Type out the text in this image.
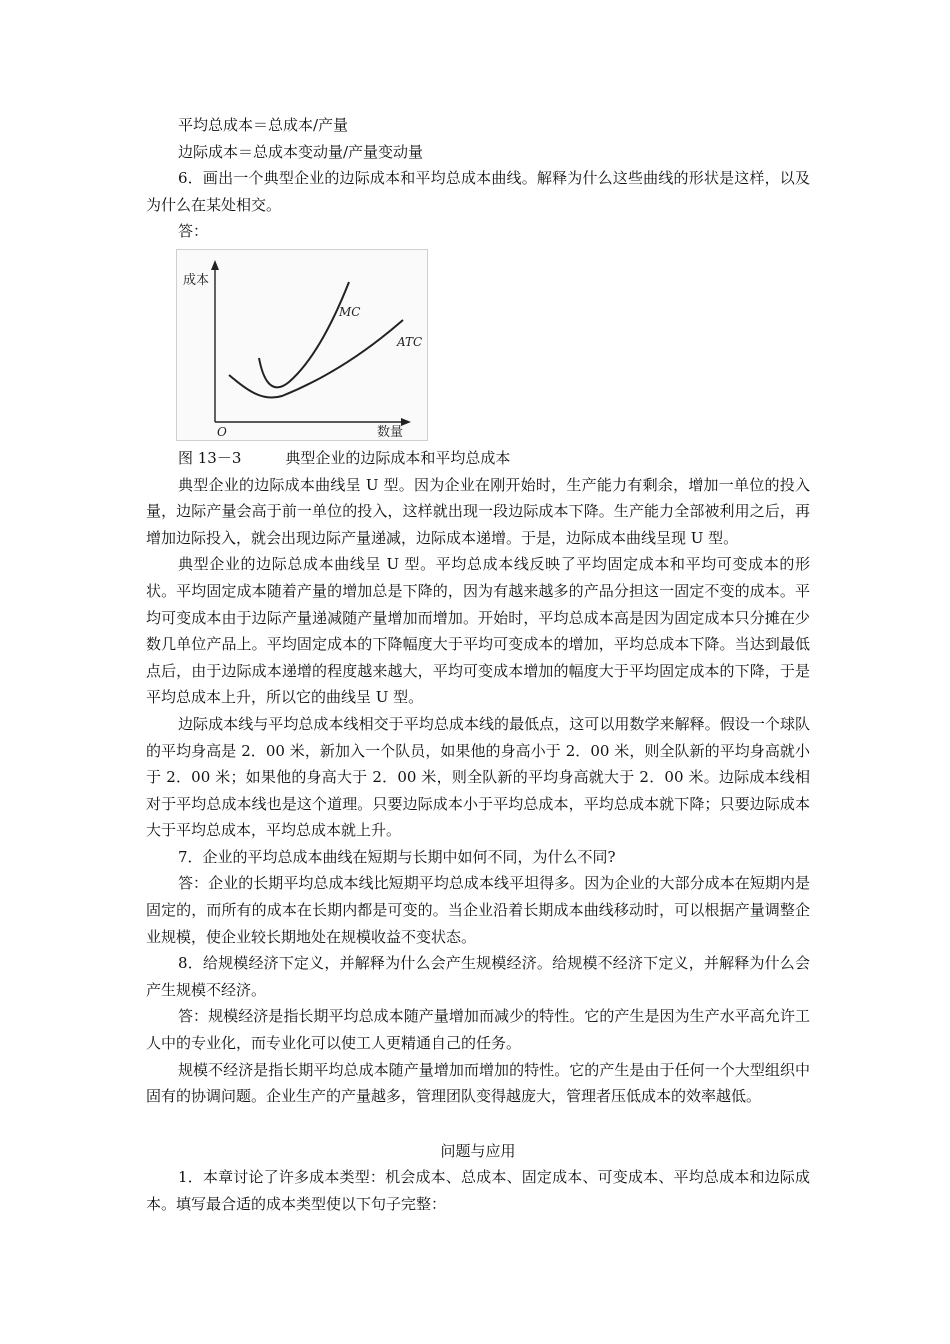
平均总成本＝总成本/产量

边际成本＝总成本变动量/产量变动量

6．画出一个典型企业的边际成本和平均总成本曲线。解释为什么这些曲线的形状是这样，以及为什么在某处相交。

答：

成本
数量
O
MC
ATC

图 13－3	典型企业的边际成本和平均总成本

典型企业的边际成本曲线呈 U 型。因为企业在刚开始时，生产能力有剩余，增加一单位的投入量，边际产量会高于前一单位的投入，这样就出现一段边际成本下降。生产能力全部被利用之后，再增加边际投入，就会出现边际产量递减，边际成本递增。于是，边际成本曲线呈现 U 型。

典型企业的边际总成本曲线呈 U 型。平均总成本线反映了平均固定成本和平均可变成本的形状。平均固定成本随着产量的增加总是下降的，因为有越来越多的产品分担这一固定不变的成本。平均可变成本由于边际产量递减随产量增加而增加。开始时，平均总成本高是因为固定成本只分摊在少数几单位产品上。平均固定成本的下降幅度大于平均可变成本的增加，平均总成本下降。当达到最低点后，由于边际成本递增的程度越来越大，平均可变成本增加的幅度大于平均固定成本的下降，于是平均总成本上升，所以它的曲线呈 U 型。

边际成本线与平均总成本线相交于平均总成本线的最低点，这可以用数学来解释。假设一个球队的平均身高是 2．00 米，新加入一个队员，如果他的身高小于 2．00 米，则全队新的平均身高就小于 2．00 米；如果他的身高大于 2．00 米，则全队新的平均身高就大于 2．00 米。边际成本线相对于平均总成本线也是这个道理。只要边际成本小于平均总成本，平均总成本就下降；只要边际成本大于平均总成本，平均总成本就上升。

7．企业的平均总成本曲线在短期与长期中如何不同，为什么不同?

答：企业的长期平均总成本线比短期平均总成本线平坦得多。因为企业的大部分成本在短期内是固定的，而所有的成本在长期内都是可变的。当企业沿着长期成本曲线移动时，可以根据产量调整企业规模，使企业较长期地处在规模收益不变状态。

8．给规模经济下定义，并解释为什么会产生规模经济。给规模不经济下定义，并解释为什么会产生规模不经济。

答：规模经济是指长期平均总成本随产量增加而减少的特性。它的产生是因为生产水平高允许工人中的专业化，而专业化可以使工人更精通自己的任务。

规模不经济是指长期平均总成本随产量增加而增加的特性。它的产生是由于任何一个大型组织中固有的协调问题。企业生产的产量越多，管理团队变得越庞大，管理者压低成本的效率越低。

问题与应用

1．本章讨论了许多成本类型：机会成本、总成本、固定成本、可变成本、平均总成本和边际成本。填写最合适的成本类型使以下句子完整：
